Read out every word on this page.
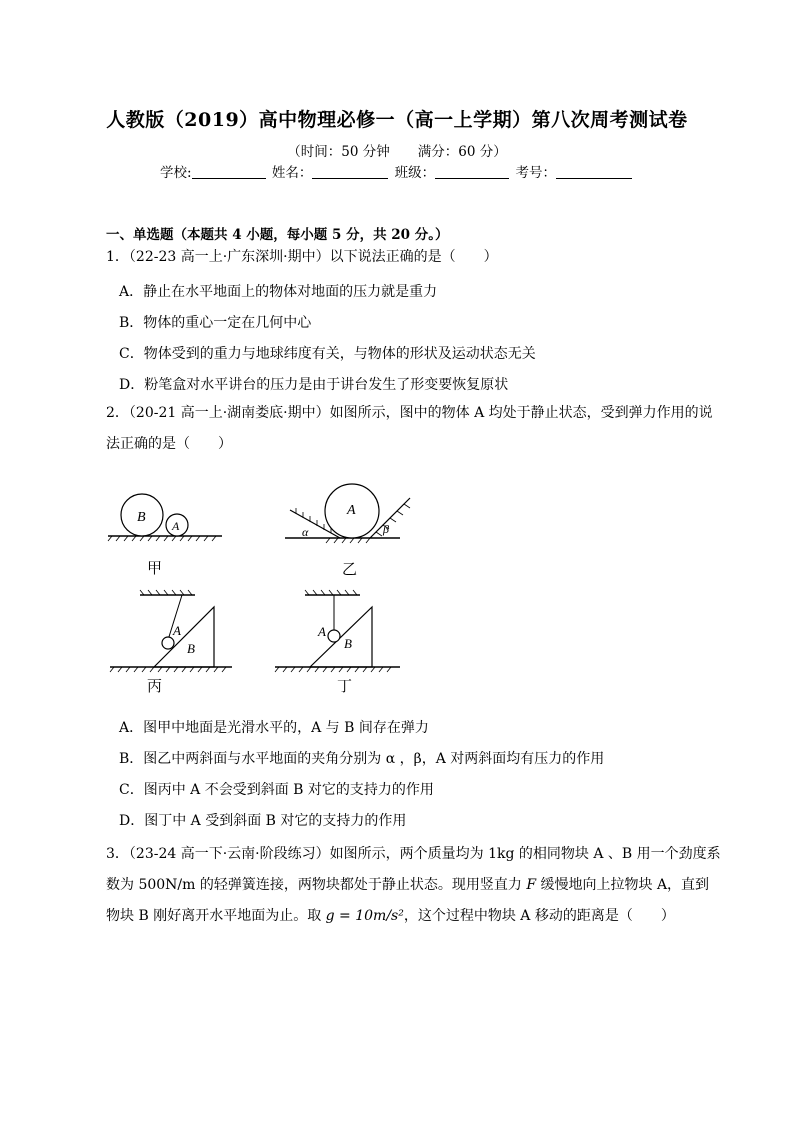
人教版（2019）高中物理必修一（高一上学期）第八次周考测试卷
（时间：50 分钟 满分：60 分）
学校:	姓名：	班级：	考号：
一、单选题（本题共 4 小题，每小题 5 分，共 20 分。）
1．（22-23 高一上·广东深圳·期中）以下说法正确的是（　　）
A．静止在水平地面上的物体对地面的压力就是重力
B．物体的重心一定在几何中心
C．物体受到的重力与地球纬度有关，与物体的形状及运动状态无关
D．粉笔盒对水平讲台的压力是由于讲台发生了形变要恢复原状
2．（20-21 高一上·湖南娄底·期中）如图所示，图中的物体 A 均处于静止状态，受到弹力作用的说
法正确的是（　　）
B
A
甲
A
α	β
乙
A
B
丙
A
B
丁
A．图甲中地面是光滑水平的，A 与 B 间存在弹力
B．图乙中两斜面与水平地面的夹角分别为 α ，β，A 对两斜面均有压力的作用
C．图丙中 A 不会受到斜面 B 对它的支持力的作用
D．图丁中 A 受到斜面 B 对它的支持力的作用
3．（23-24 高一下·云南·阶段练习）如图所示，两个质量均为 1kg 的相同物块 A 、B 用一个劲度系
数为 500N/m 的轻弹簧连接，两物块都处于静止状态。现用竖直力 F 缓慢地向上拉物块 A，直到
物块 B 刚好离开水平地面为止。取 g = 10m/s²，这个过程中物块 A 移动的距离是（　　）
